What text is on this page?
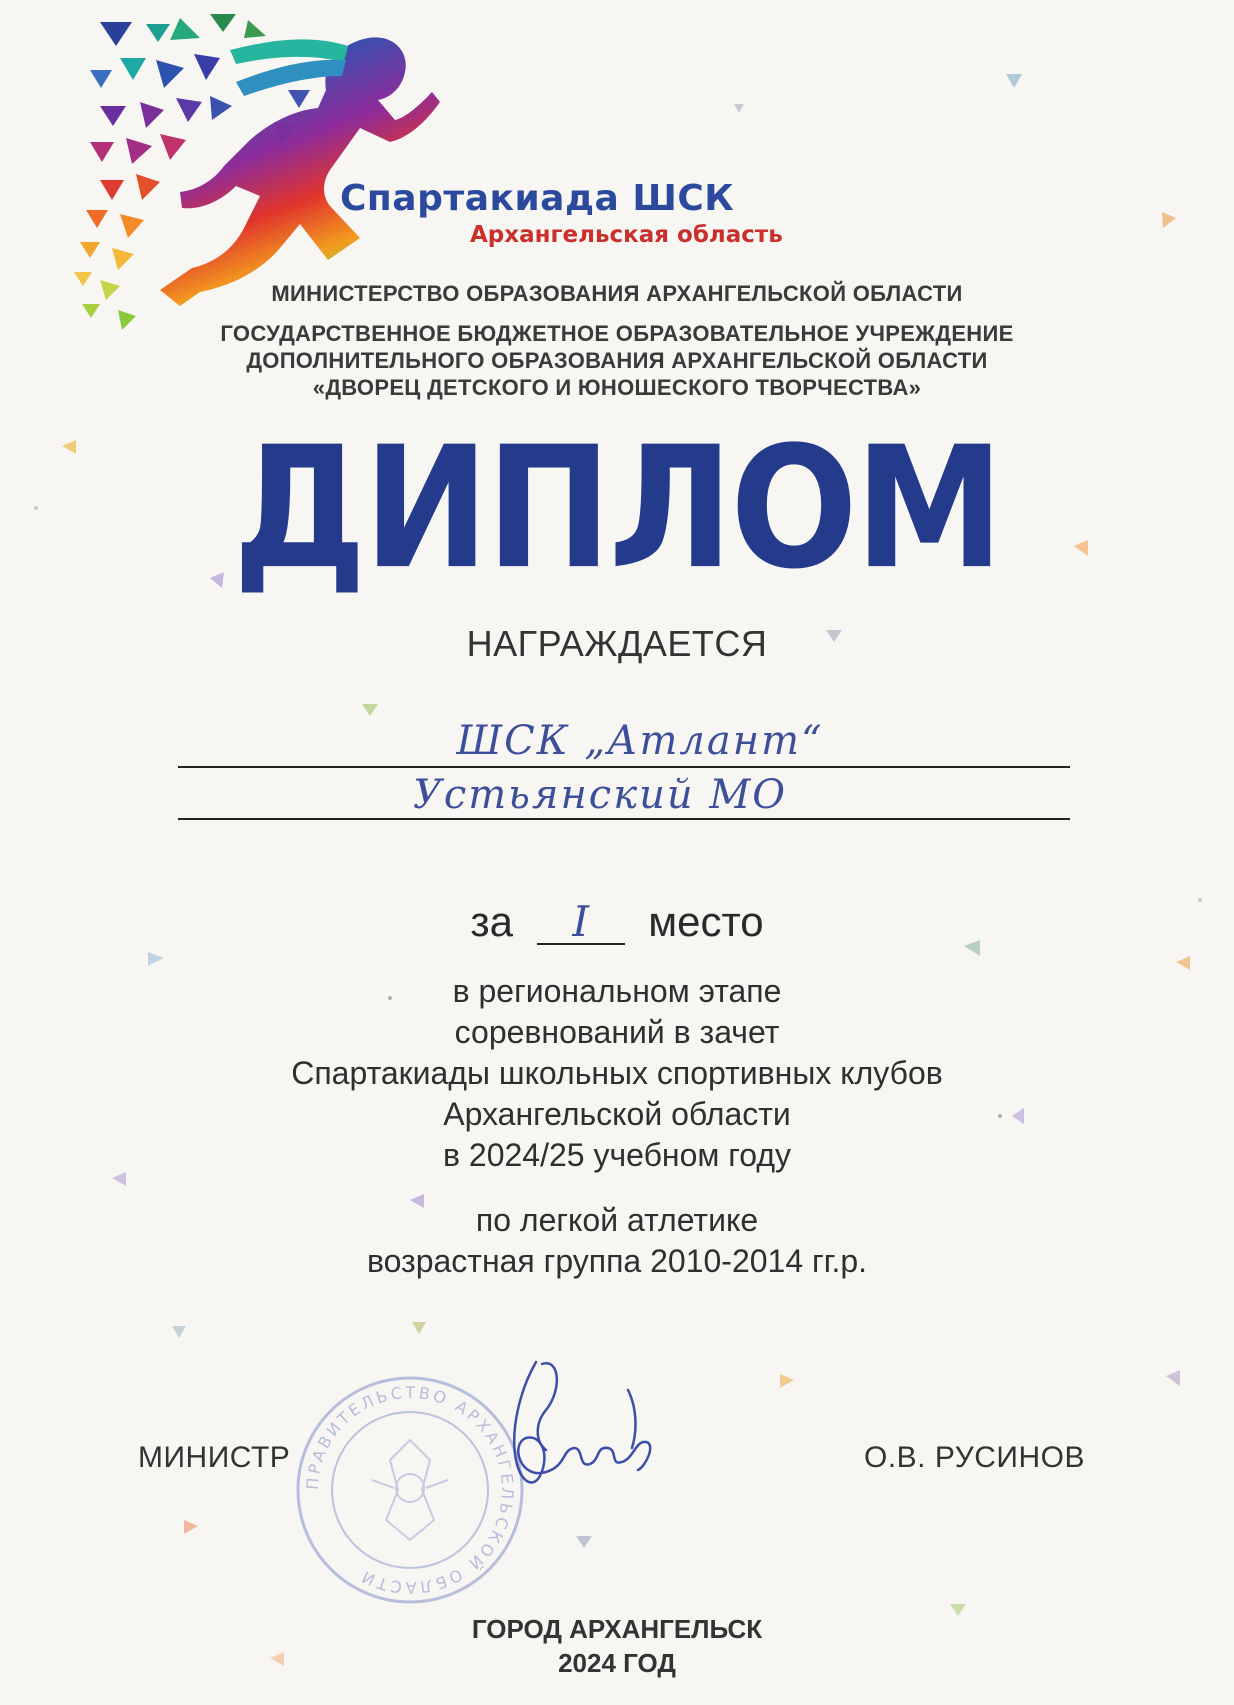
Спартакиада ШСК
Архангельская область
МИНИСТЕРСТВО ОБРАЗОВАНИЯ АРХАНГЕЛЬСКОЙ ОБЛАСТИ
ГОСУДАРСТВЕННОЕ БЮДЖЕТНОЕ ОБРАЗОВАТЕЛЬНОЕ УЧРЕЖДЕНИЕ
ДОПОЛНИТЕЛЬНОГО ОБРАЗОВАНИЯ АРХАНГЕЛЬСКОЙ ОБЛАСТИ
«ДВОРЕЦ ДЕТСКОГО И ЮНОШЕСКОГО ТВОРЧЕСТВА»
ДИПЛОМ
НАГРАЖДАЕТСЯ
ШСК „Атлант“
Устьянский МО
за I место
в региональном этапе
соревнований в зачет
Спартакиады школьных спортивных клубов
Архангельской области
в 2024/25 учебном году
по легкой атлетике
возрастная группа 2010-2014 гг.р.
ПРАВИТЕЛЬСТВО АРХАНГЕЛЬСКОЙ ОБЛАСТИ
МИНИСТР	О.В. РУСИНОВ
ГОРОД АРХАНГЕЛЬСК
2024 ГОД
